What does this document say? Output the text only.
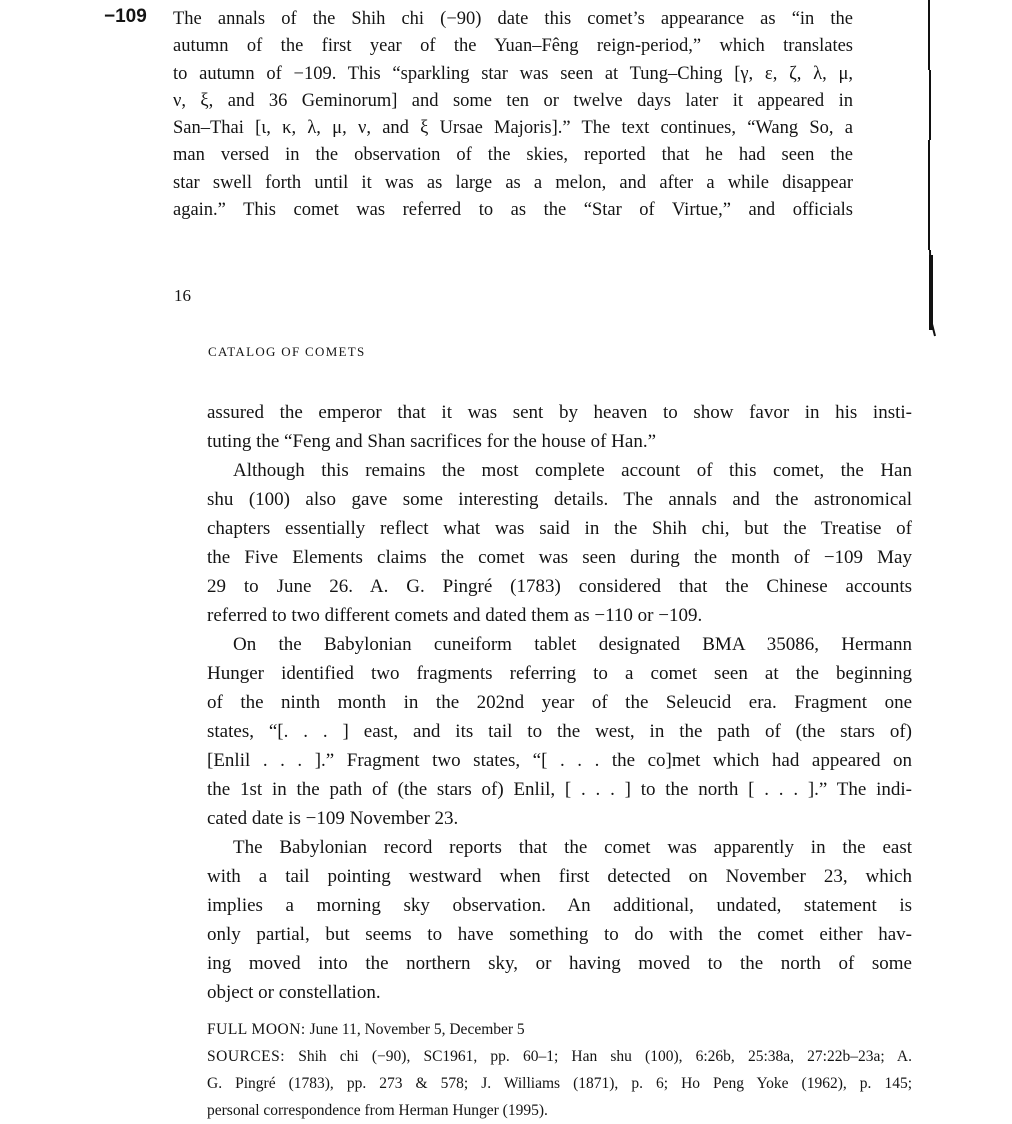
−109 The annals of the Shih chi (−90) date this comet’s appearance as “in the
autumn of the first year of the Yuan–Fêng reign-period,” which translates
to autumn of −109. This “sparkling star was seen at Tung–Ching [γ, ε, ζ, λ, μ,
ν, ξ, and 36 Geminorum] and some ten or twelve days later it appeared in
San–Thai [ι, κ, λ, μ, ν, and ξ Ursae Majoris].” The text continues, “Wang So, a
man versed in the observation of the skies, reported that he had seen the
star swell forth until it was as large as a melon, and after a while disappear
again.” This comet was referred to as the “Star of Virtue,” and officials
16
CATALOG OF COMETS
assured the emperor that it was sent by heaven to show favor in his insti-
tuting the “Feng and Shan sacrifices for the house of Han.”
Although this remains the most complete account of this comet, the Han
shu (100) also gave some interesting details. The annals and the astronomical
chapters essentially reflect what was said in the Shih chi, but the Treatise of
the Five Elements claims the comet was seen during the month of −109 May
29 to June 26. A. G. Pingré (1783) considered that the Chinese accounts
referred to two different comets and dated them as −110 or −109.
On the Babylonian cuneiform tablet designated BMA 35086, Hermann
Hunger identified two fragments referring to a comet seen at the beginning
of the ninth month in the 202nd year of the Seleucid era. Fragment one
states, “[. . . ] east, and its tail to the west, in the path of (the stars of)
[Enlil . . . ].” Fragment two states, “[ . . . the co]met which had appeared on
the 1st in the path of (the stars of) Enlil, [ . . . ] to the north [ . . . ].” The indi-
cated date is −109 November 23.
The Babylonian record reports that the comet was apparently in the east
with a tail pointing westward when first detected on November 23, which
implies a morning sky observation. An additional, undated, statement is
only partial, but seems to have something to do with the comet either hav-
ing moved into the northern sky, or having moved to the north of some
object or constellation.
FULL MOON: June 11, November 5, December 5
SOURCES: Shih chi (−90), SC1961, pp. 60–1; Han shu (100), 6:26b, 25:38a, 27:22b–23a; A.
G. Pingré (1783), pp. 273 & 578; J. Williams (1871), p. 6; Ho Peng Yoke (1962), p. 145;
personal correspondence from Herman Hunger (1995).
